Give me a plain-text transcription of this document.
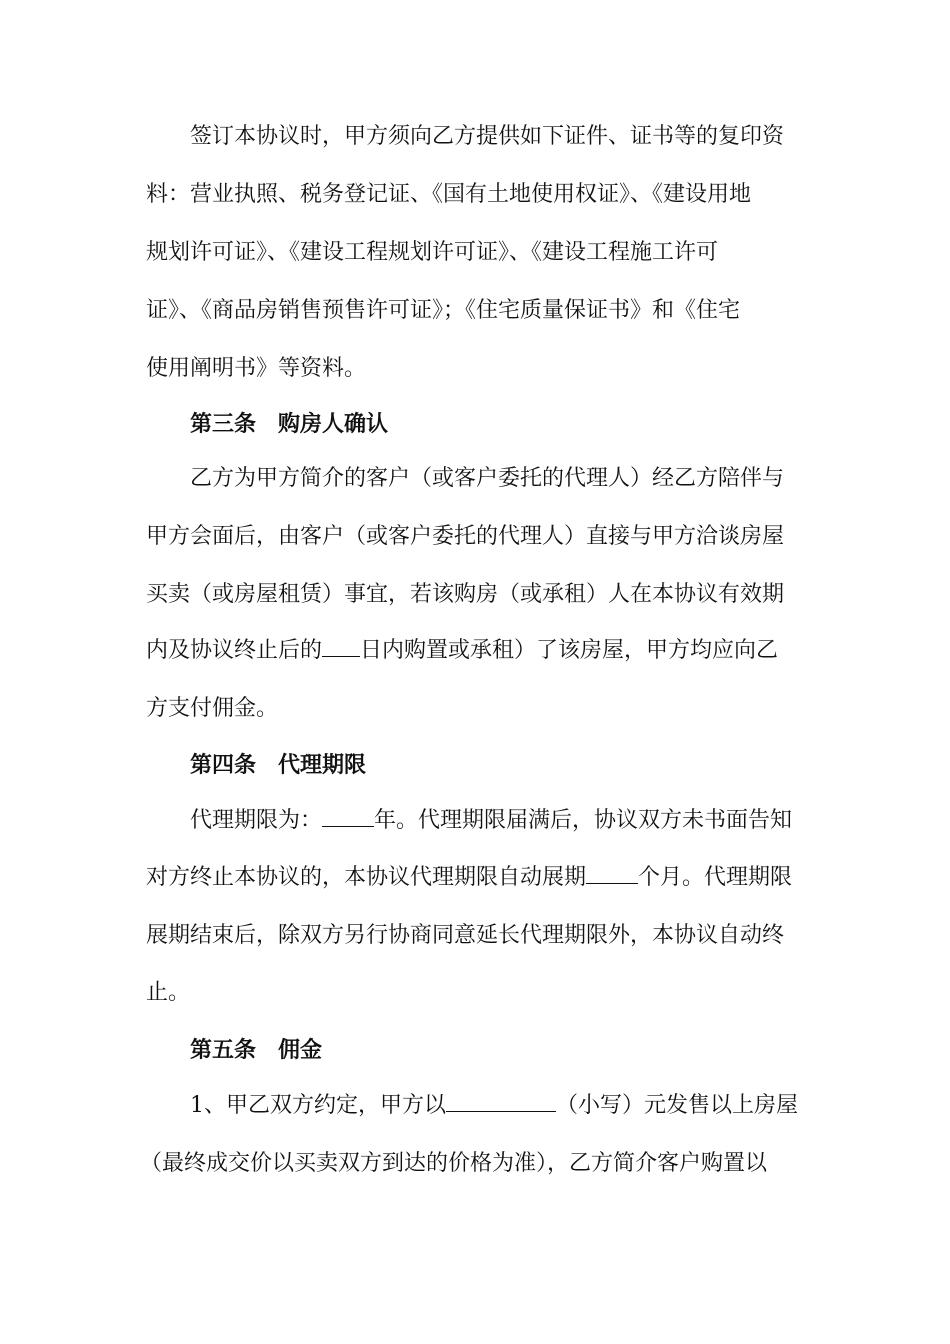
签订本协议时，甲方须向乙方提供如下证件、证书等的复印资
料：营业执照、税务登记证、《国有土地使用权证》、《建设用地
规划许可证》、《建设工程规划许可证》、《建设工程施工许可
证》、《商品房销售预售许可证》；《住宅质量保证书》和《住宅
使用阐明书》等资料。
第三条　购房人确认
乙方为甲方简介的客户（或客户委托的代理人）经乙方陪伴与
甲方会面后，由客户（或客户委托的代理人）直接与甲方洽谈房屋
买卖（或房屋租赁）事宜，若该购房（或承租）人在本协议有效期
内及协议终止后的 日内购置或承租）了该房屋，甲方均应向乙
方支付佣金。
第四条　代理期限
代理期限为： 年。代理期限届满后，协议双方未书面告知
对方终止本协议的，本协议代理期限自动展期 个月。代理期限
展期结束后，除双方另行协商同意延长代理期限外，本协议自动终
止。
第五条　佣金
1、甲乙双方约定，甲方以	（小写）元发售以上房屋
（最终成交价以买卖双方到达的价格为准），乙方简介客户购置以
